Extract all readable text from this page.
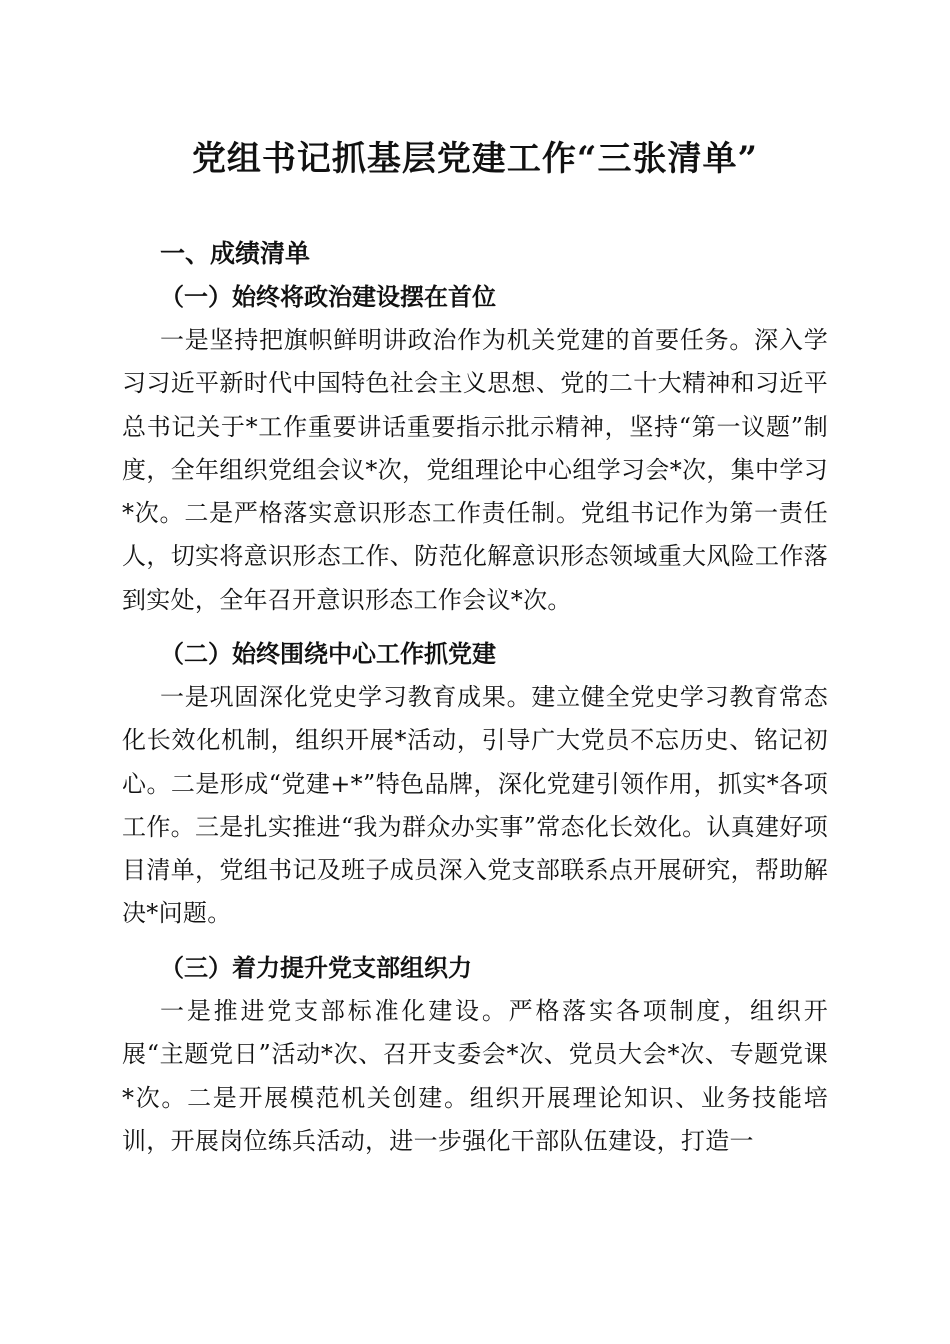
党组书记抓基层党建工作“三张清单”
一、成绩清单
（一）始终将政治建设摆在首位

一是坚持把旗帜鲜明讲政治作为机关党建的首要任务。深入学习习近平新时代中国特色社会主义思想、党的二十大精神和习近平总书记关于*工作重要讲话重要指示批示精神，坚持“第一议题”制度，全年组织党组会议*次，党组理论中心组学习会*次，集中学习*次。二是严格落实意识形态工作责任制。党组书记作为第一责任人，切实将意识形态工作、防范化解意识形态领域重大风险工作落到实处，全年召开意识形态工作会议*次。

（二）始终围绕中心工作抓党建

一是巩固深化党史学习教育成果。建立健全党史学习教育常态化长效化机制，组织开展*活动，引导广大党员不忘历史、铭记初心。二是形成“党建+*”特色品牌，深化党建引领作用，抓实*各项工作。三是扎实推进“我为群众办实事”常态化长效化。认真建好项目清单，党组书记及班子成员深入党支部联系点开展研究，帮助解决*问题。

（三）着力提升党支部组织力

一是推进党支部标准化建设。严格落实各项制度，组织开展“主题党日”活动*次、召开支委会*次、党员大会*次、专题党课*次。二是开展模范机关创建。组织开展理论知识、业务技能培训，开展岗位练兵活动，进一步强化干部队伍建设，打造一
